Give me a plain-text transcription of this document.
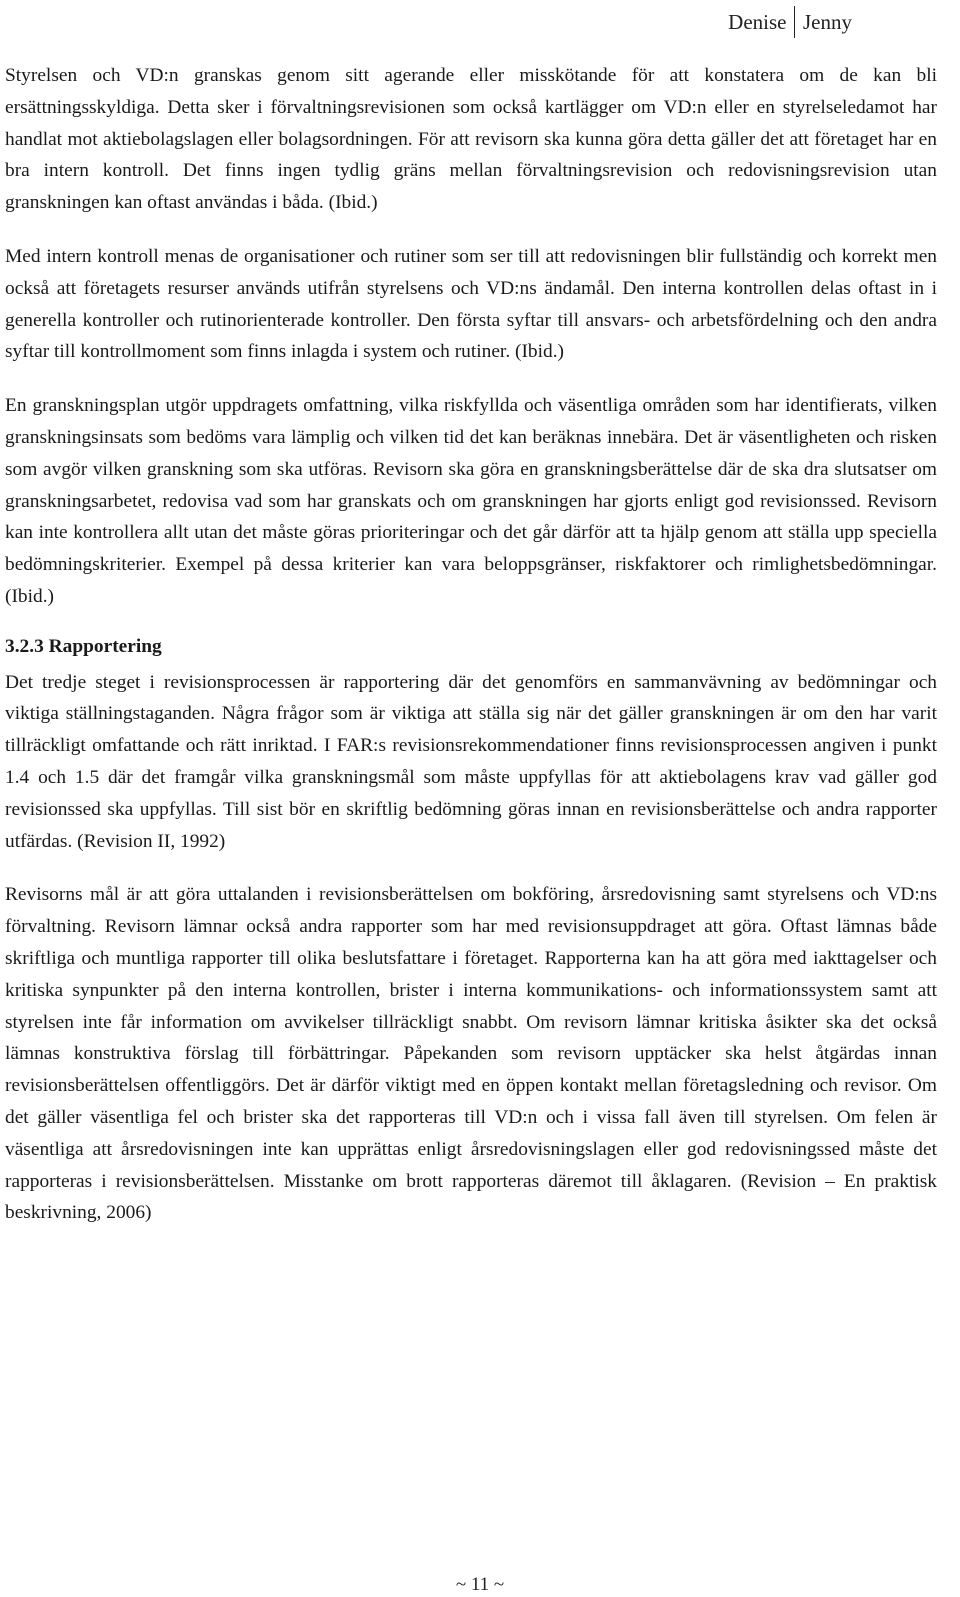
Denise Jenny

Styrelsen och VD:n granskas genom sitt agerande eller misskötande för att konstatera om de kan bli ersättningsskyldiga. Detta sker i förvaltningsrevisionen som också kartlägger om VD:n eller en styrelseledamot har handlat mot aktiebolagslagen eller bolagsordningen. För att revisorn ska kunna göra detta gäller det att företaget har en bra intern kontroll. Det finns ingen tydlig gräns mellan förvaltningsrevision och redovisningsrevision utan granskningen kan oftast användas i båda. (Ibid.)

Med intern kontroll menas de organisationer och rutiner som ser till att redovisningen blir fullständig och korrekt men också att företagets resurser används utifrån styrelsens och VD:ns ändamål. Den interna kontrollen delas oftast in i generella kontroller och rutinorienterade kontroller. Den första syftar till ansvars- och arbetsfördelning och den andra syftar till kontrollmoment som finns inlagda i system och rutiner. (Ibid.)

En granskningsplan utgör uppdragets omfattning, vilka riskfyllda och väsentliga områden som har identifierats, vilken granskningsinsats som bedöms vara lämplig och vilken tid det kan beräknas innebära. Det är väsentligheten och risken som avgör vilken granskning som ska utföras. Revisorn ska göra en granskningsberättelse där de ska dra slutsatser om granskningsarbetet, redovisa vad som har granskats och om granskningen har gjorts enligt god revisionssed. Revisorn kan inte kontrollera allt utan det måste göras prioriteringar och det går därför att ta hjälp genom att ställa upp speciella bedömningskriterier. Exempel på dessa kriterier kan vara beloppsgränser, riskfaktorer och rimlighetsbedömningar. (Ibid.)

3.2.3 Rapportering

Det tredje steget i revisionsprocessen är rapportering där det genomförs en sammanvävning av bedömningar och viktiga ställningstaganden. Några frågor som är viktiga att ställa sig när det gäller granskningen är om den har varit tillräckligt omfattande och rätt inriktad. I FAR:s revisionsrekommendationer finns revisionsprocessen angiven i punkt 1.4 och 1.5 där det framgår vilka granskningsmål som måste uppfyllas för att aktiebolagens krav vad gäller god revisionssed ska uppfyllas. Till sist bör en skriftlig bedömning göras innan en revisionsberättelse och andra rapporter utfärdas. (Revision II, 1992)

Revisorns mål är att göra uttalanden i revisionsberättelsen om bokföring, årsredovisning samt styrelsens och VD:ns förvaltning. Revisorn lämnar också andra rapporter som har med revisionsuppdraget att göra. Oftast lämnas både skriftliga och muntliga rapporter till olika beslutsfattare i företaget. Rapporterna kan ha att göra med iakttagelser och kritiska synpunkter på den interna kontrollen, brister i interna kommunikations- och informationssystem samt att styrelsen inte får information om avvikelser tillräckligt snabbt. Om revisorn lämnar kritiska åsikter ska det också lämnas konstruktiva förslag till förbättringar. Påpekanden som revisorn upptäcker ska helst åtgärdas innan revisionsberättelsen offentliggörs. Det är därför viktigt med en öppen kontakt mellan företagsledning och revisor. Om det gäller väsentliga fel och brister ska det rapporteras till VD:n och i vissa fall även till styrelsen. Om felen är väsentliga att årsredovisningen inte kan upprättas enligt årsredovisningslagen eller god redovisningssed måste det rapporteras i revisionsberättelsen. Misstanke om brott rapporteras däremot till åklagaren. (Revision – En praktisk beskrivning, 2006)

~ 11 ~
